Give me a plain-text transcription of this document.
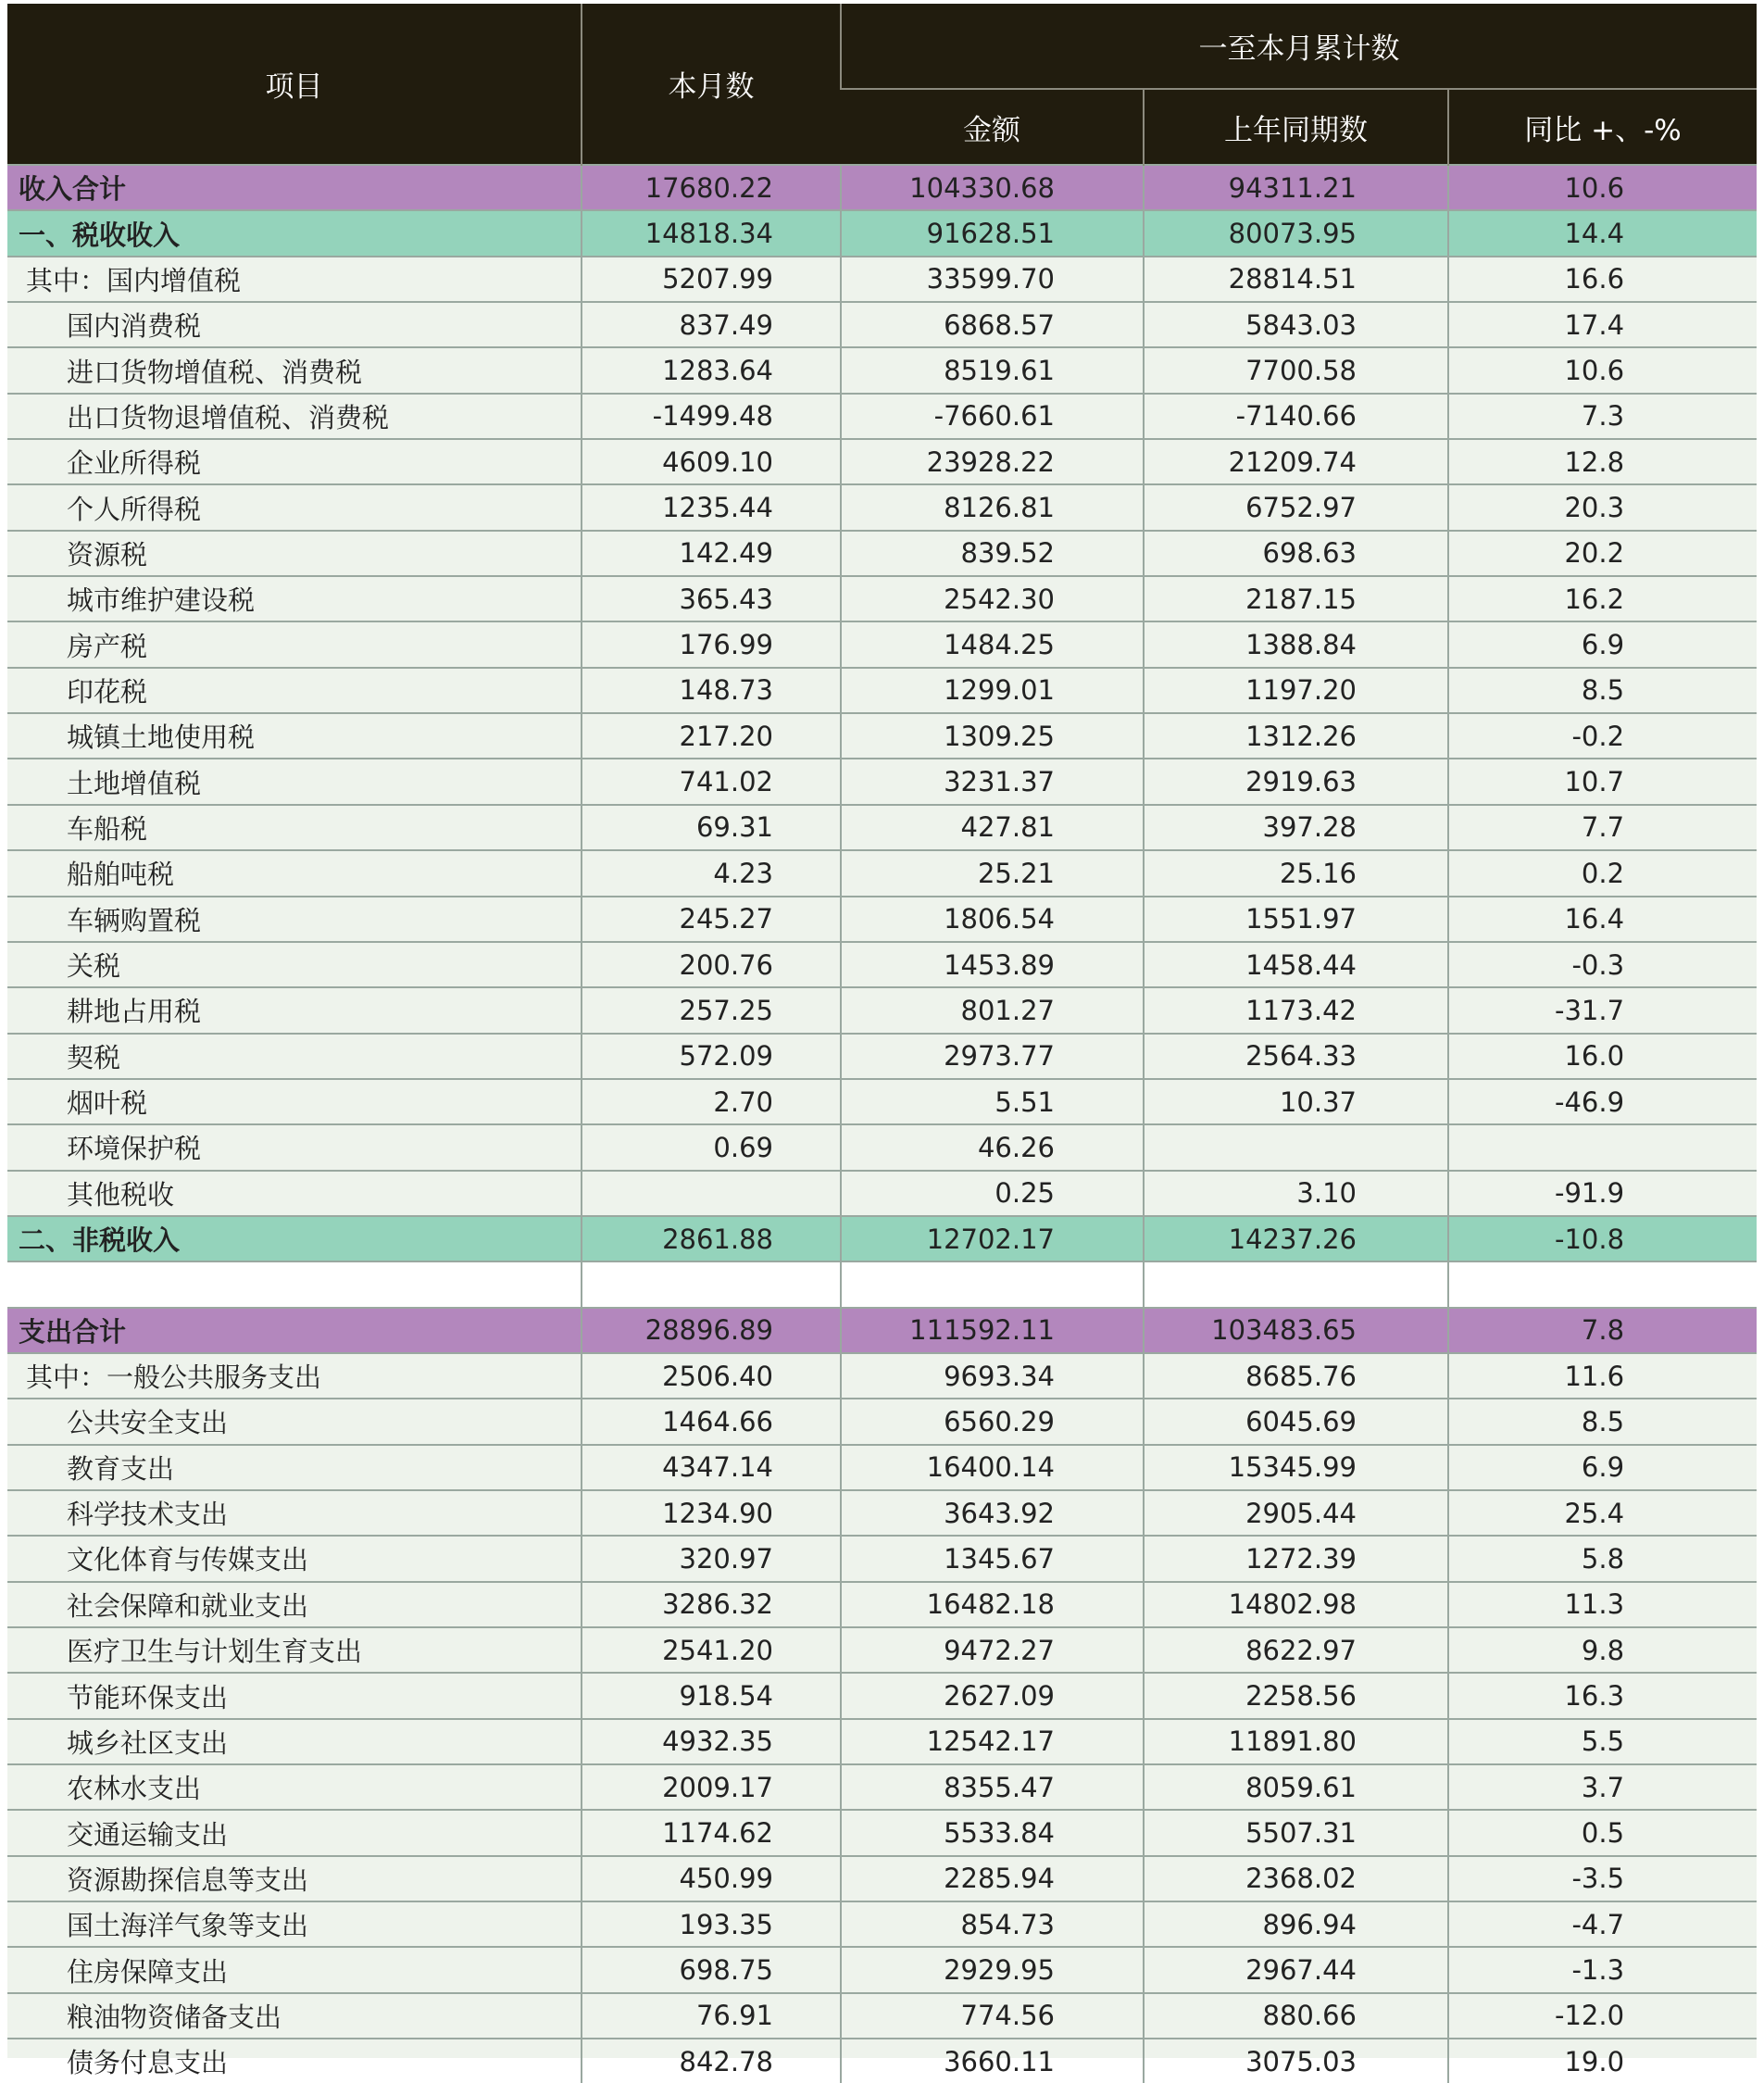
项目	本月数	一至本月累计数		
		金额	上年同期数	同比 +、-%
收入合计	17680.22	104330.68	94311.21	10.6
一、税收收入	14818.34	91628.51	80073.95	14.4
其中：国内增值税	5207.99	33599.70	28814.51	16.6
国内消费税	837.49	6868.57	5843.03	17.4
进口货物增值税、消费税	1283.64	8519.61	7700.58	10.6
出口货物退增值税、消费税	-1499.48	-7660.61	-7140.66	7.3
企业所得税	4609.10	23928.22	21209.74	12.8
个人所得税	1235.44	8126.81	6752.97	20.3
资源税	142.49	839.52	698.63	20.2
城市维护建设税	365.43	2542.30	2187.15	16.2
房产税	176.99	1484.25	1388.84	6.9
印花税	148.73	1299.01	1197.20	8.5
城镇土地使用税	217.20	1309.25	1312.26	-0.2
土地增值税	741.02	3231.37	2919.63	10.7
车船税	69.31	427.81	397.28	7.7
船舶吨税	4.23	25.21	25.16	0.2
车辆购置税	245.27	1806.54	1551.97	16.4
关税	200.76	1453.89	1458.44	-0.3
耕地占用税	257.25	801.27	1173.42	-31.7
契税	572.09	2973.77	2564.33	16.0
烟叶税	2.70	5.51	10.37	-46.9
环境保护税	0.69	46.26		
其他税收		0.25	3.10	-91.9
二、非税收入	2861.88	12702.17	14237.26	-10.8

支出合计	28896.89	111592.11	103483.65	7.8
其中：一般公共服务支出	2506.40	9693.34	8685.76	11.6
公共安全支出	1464.66	6560.29	6045.69	8.5
教育支出	4347.14	16400.14	15345.99	6.9
科学技术支出	1234.90	3643.92	2905.44	25.4
文化体育与传媒支出	320.97	1345.67	1272.39	5.8
社会保障和就业支出	3286.32	16482.18	14802.98	11.3
医疗卫生与计划生育支出	2541.20	9472.27	8622.97	9.8
节能环保支出	918.54	2627.09	2258.56	16.3
城乡社区支出	4932.35	12542.17	11891.80	5.5
农林水支出	2009.17	8355.47	8059.61	3.7
交通运输支出	1174.62	5533.84	5507.31	0.5
资源勘探信息等支出	450.99	2285.94	2368.02	-3.5
国土海洋气象等支出	193.35	854.73	896.94	-4.7
住房保障支出	698.75	2929.95	2967.44	-1.3
粮油物资储备支出	76.91	774.56	880.66	-12.0
债务付息支出	842.78	3660.11	3075.03	19.0
